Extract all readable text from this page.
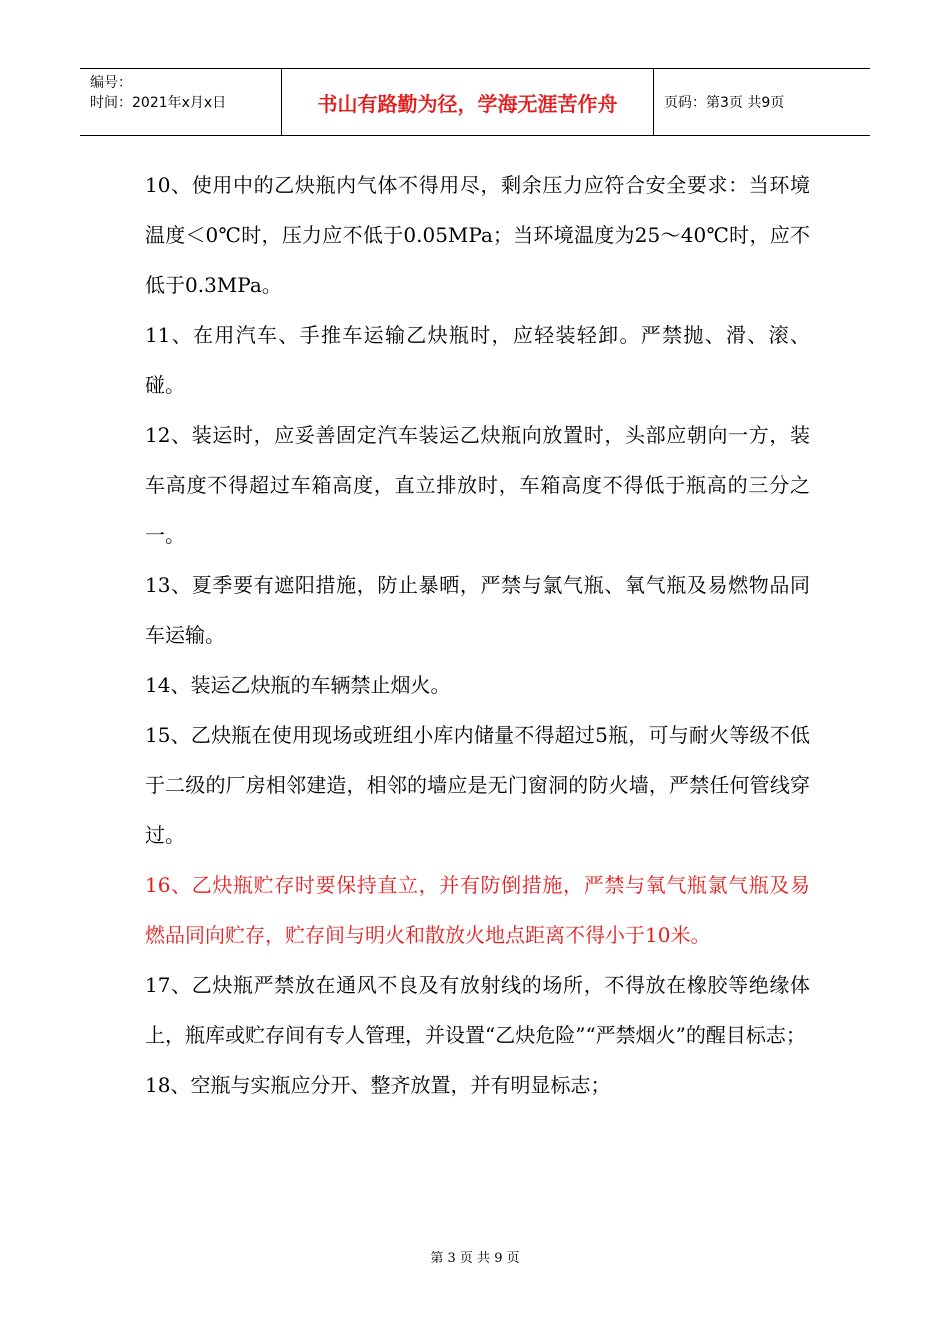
编号：
时间：2021年x月x日	书山有路勤为径，学海无涯苦作舟	页码：第3页 共9页

10、使用中的乙炔瓶内气体不得用尽，剩余压力应符合安全要求：当环境温度＜0℃时，压力应不低于0.05MPa；当环境温度为25～40℃时，应不低于0.3MPa。

11、在用汽车、手推车运输乙炔瓶时，应轻装轻卸。严禁抛、滑、滚、碰。

12、装运时，应妥善固定汽车装运乙炔瓶向放置时，头部应朝向一方，装车高度不得超过车箱高度，直立排放时，车箱高度不得低于瓶高的三分之一。

13、夏季要有遮阳措施，防止暴晒，严禁与氯气瓶、氧气瓶及易燃物品同车运输。

14、装运乙炔瓶的车辆禁止烟火。

15、乙炔瓶在使用现场或班组小库内储量不得超过5瓶，可与耐火等级不低于二级的厂房相邻建造，相邻的墙应是无门窗洞的防火墙，严禁任何管线穿过。

16、乙炔瓶贮存时要保持直立，并有防倒措施，严禁与氧气瓶氯气瓶及易燃品同向贮存，贮存间与明火和散放火地点距离不得小于10米。

17、乙炔瓶严禁放在通风不良及有放射线的场所，不得放在橡胶等绝缘体上，瓶库或贮存间有专人管理，并设置“乙炔危险”“严禁烟火”的醒目标志；

18、空瓶与实瓶应分开、整齐放置，并有明显标志；

第 3 页 共 9 页
